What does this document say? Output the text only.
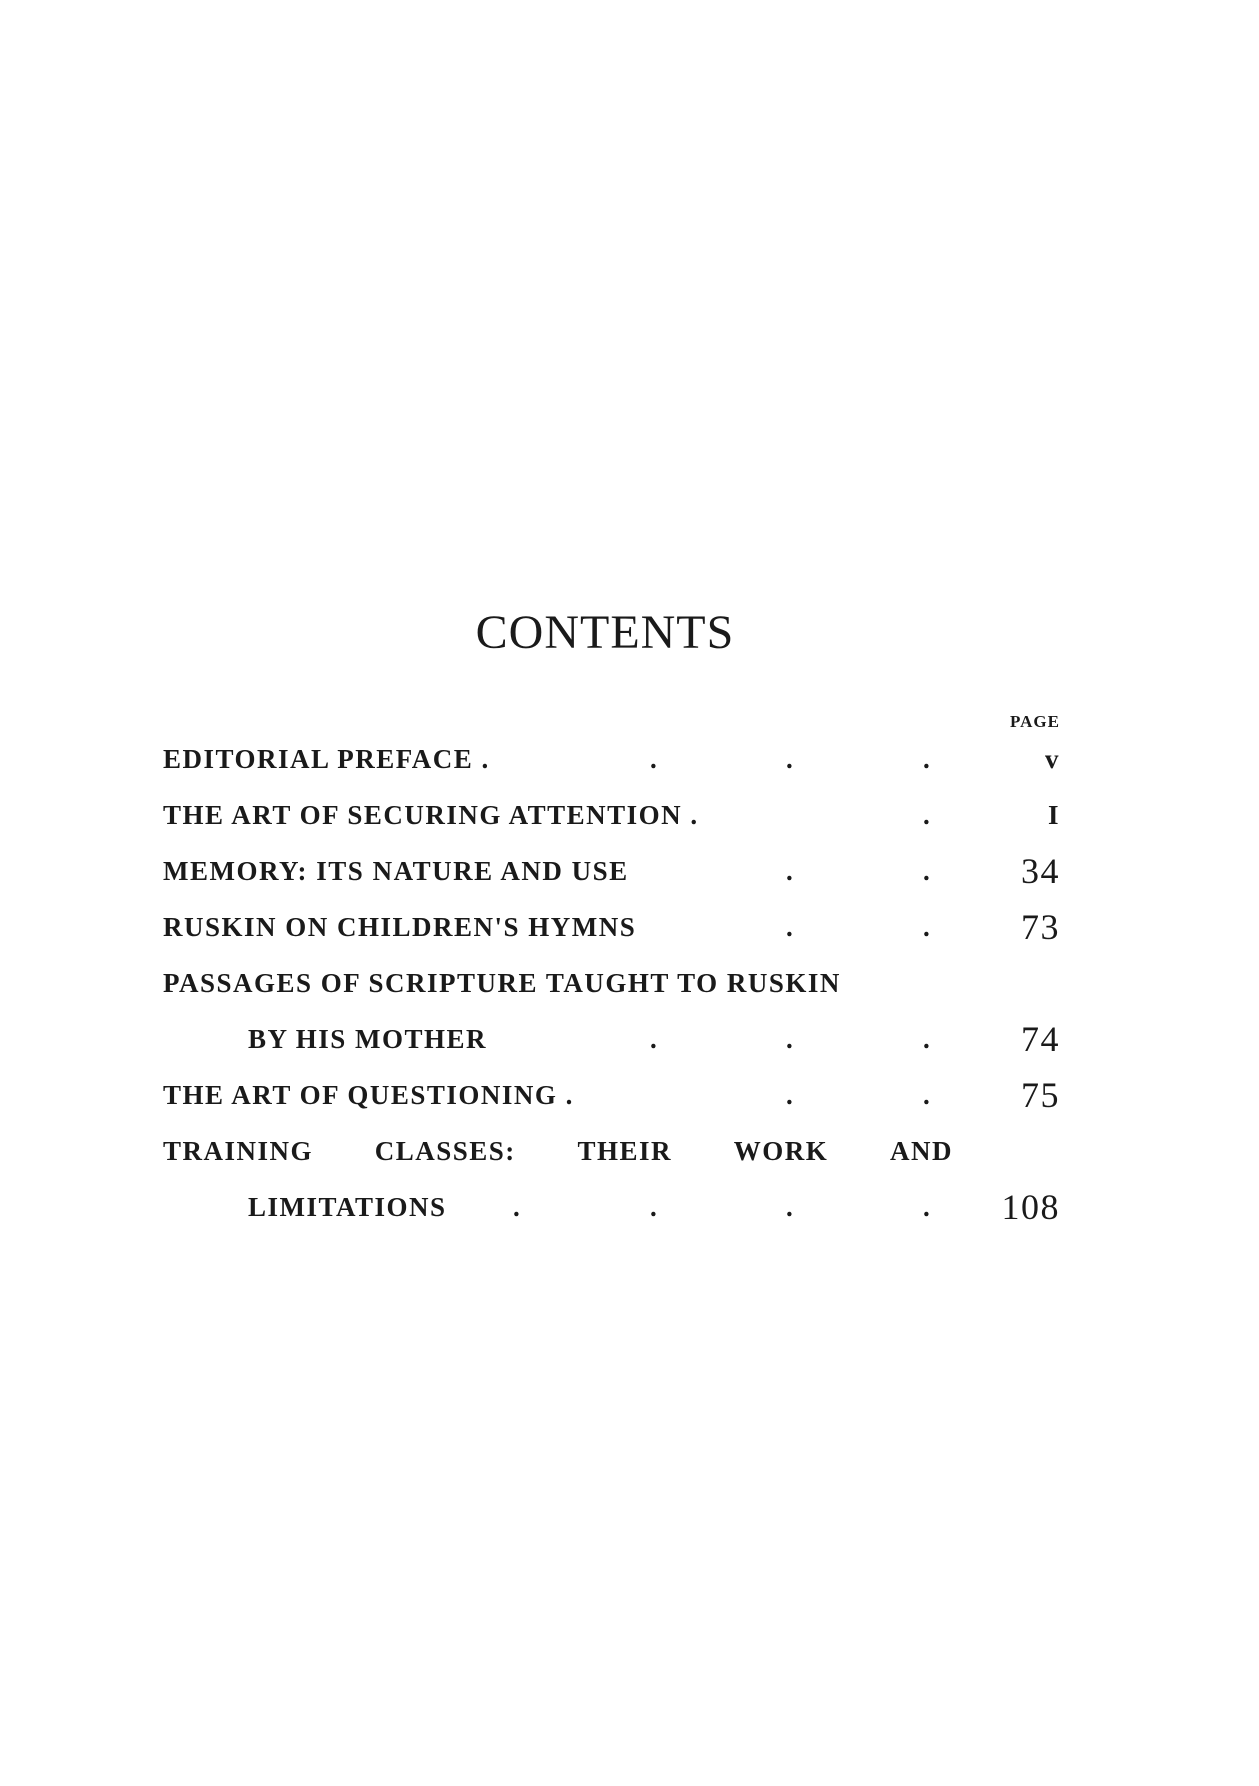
CONTENTS
PAGE
EDITORIAL PREFACE .	.	.	.	v
THE ART OF SECURING ATTENTION .	.	I
MEMORY: ITS NATURE AND USE	.	. 34
RUSKIN ON CHILDREN'S HYMNS	.	. 73
PASSAGES OF SCRIPTURE TAUGHT TO RUSKIN
BY HIS MOTHER	.	.	. 74
THE ART OF QUESTIONING .	.	. 75
TRAINING CLASSES: THEIR WORK AND
LIMITATIONS .	.	.	. 108
